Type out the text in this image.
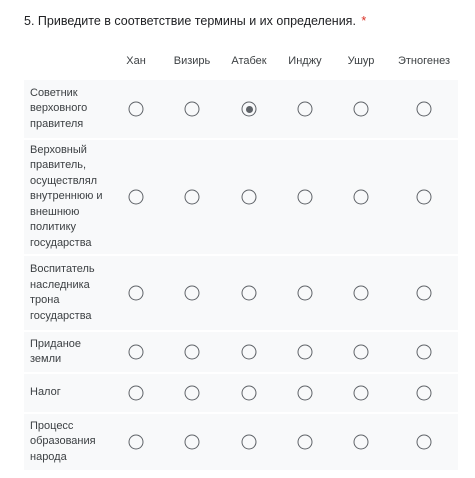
5. Приведите в соответствие термины и их определения. *
Хан	Визирь Атабек Инджу Ушур Этногенез
Советник
верховного
правителя
Верховный
правитель,
осуществлял
внутреннюю и
внешнюю
политику
государства
Воспитатель
наследника
трона
государства
Приданое
земли
Налог
Процесс
образования
народа
